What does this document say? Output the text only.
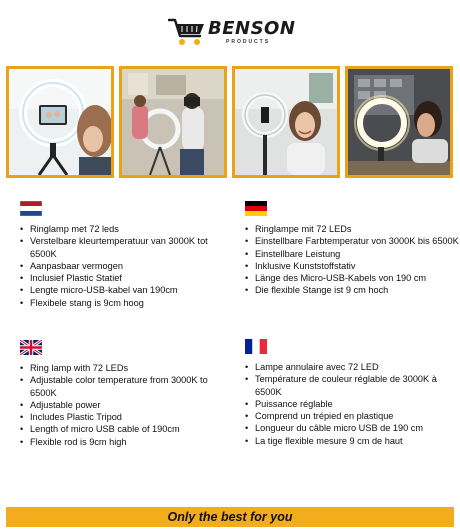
BENSON
PRODUCTS
• Ringlamp met 72 leds
• Verstelbare kleurtemperatuur van 3000K tot 6500K
• Aanpasbaar vermogen
• Inclusief Plastic Statief
• Lengte micro-USB-kabel van 190cm
• Flexibele stang is 9cm hoog
• Ringlampe mit 72 LEDs
• Einstellbare Farbtemperatur von 3000K bis 6500K
• Einstellbare Leistung
• Inklusive Kunststoffstativ
• Länge des Micro-USB-Kabels von 190 cm
• Die flexible Stange ist 9 cm hoch
• Ring lamp with 72 LEDs
• Adjustable color temperature from 3000K to 6500K
• Adjustable power
• Includes Plastic Tripod
• Length of micro USB cable of 190cm
• Flexible rod is 9cm high
• Lampe annulaire avec 72 LED
• Température de couleur réglable de 3000K à 6500K
• Puissance réglable
• Comprend un trépied en plastique
• Longueur du câble micro USB de 190 cm
• La tige flexible mesure 9 cm de haut
Only the best for you
